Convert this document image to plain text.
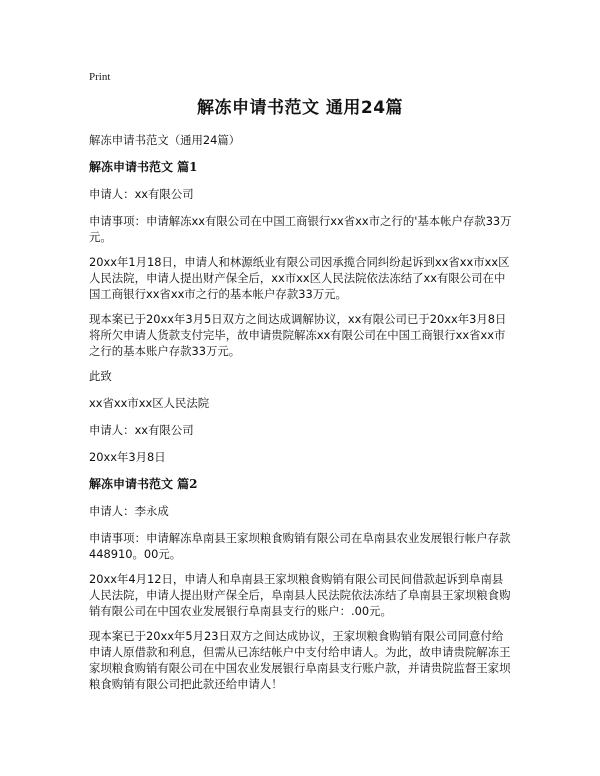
Print
解冻申请书范文 通用24篇
解冻申请书范文（通用24篇）
解冻申请书范文 篇1
申请人：xx有限公司
申请事项：申请解冻xx有限公司在中国工商银行xx省xx市之行的'基本帐户存款33万元。
20xx年1月18日，申请人和林源纸业有限公司因承揽合同纠纷起诉到xx省xx市xx区人民法院，申请人提出财产保全后，xx市xx区人民法院依法冻结了xx有限公司在中国工商银行xx省xx市之行的基本帐户存款33万元。
现本案已于20xx年3月5日双方之间达成调解协议，xx有限公司已于20xx年3月8日将所欠申请人货款支付完毕，故申请贵院解冻xx有限公司在中国工商银行xx省xx市之行的基本账户存款33万元。
此致
xx省xx市xx区人民法院
申请人：xx有限公司
20xx年3月8日
解冻申请书范文 篇2
申请人：李永成
申请事项：申请解冻阜南县王家坝粮食购销有限公司在阜南县农业发展银行帐户存款448910。00元。
20xx年4月12日，申请人和阜南县王家坝粮食购销有限公司民间借款起诉到阜南县人民法院，申请人提出财产保全后，阜南县人民法院依法冻结了阜南县王家坝粮食购销有限公司在中国农业发展银行阜南县支行的账户：.00元。
现本案已于20xx年5月23日双方之间达成协议，王家坝粮食购销有限公司同意付给申请人原借款和利息，但需从已冻结帐户中支付给申请人。为此，故申请贵院解冻王家坝粮食购销有限公司在中国农业发展银行阜南县支行账户款，并请贵院监督王家坝粮食购销有限公司把此款还给申请人！
